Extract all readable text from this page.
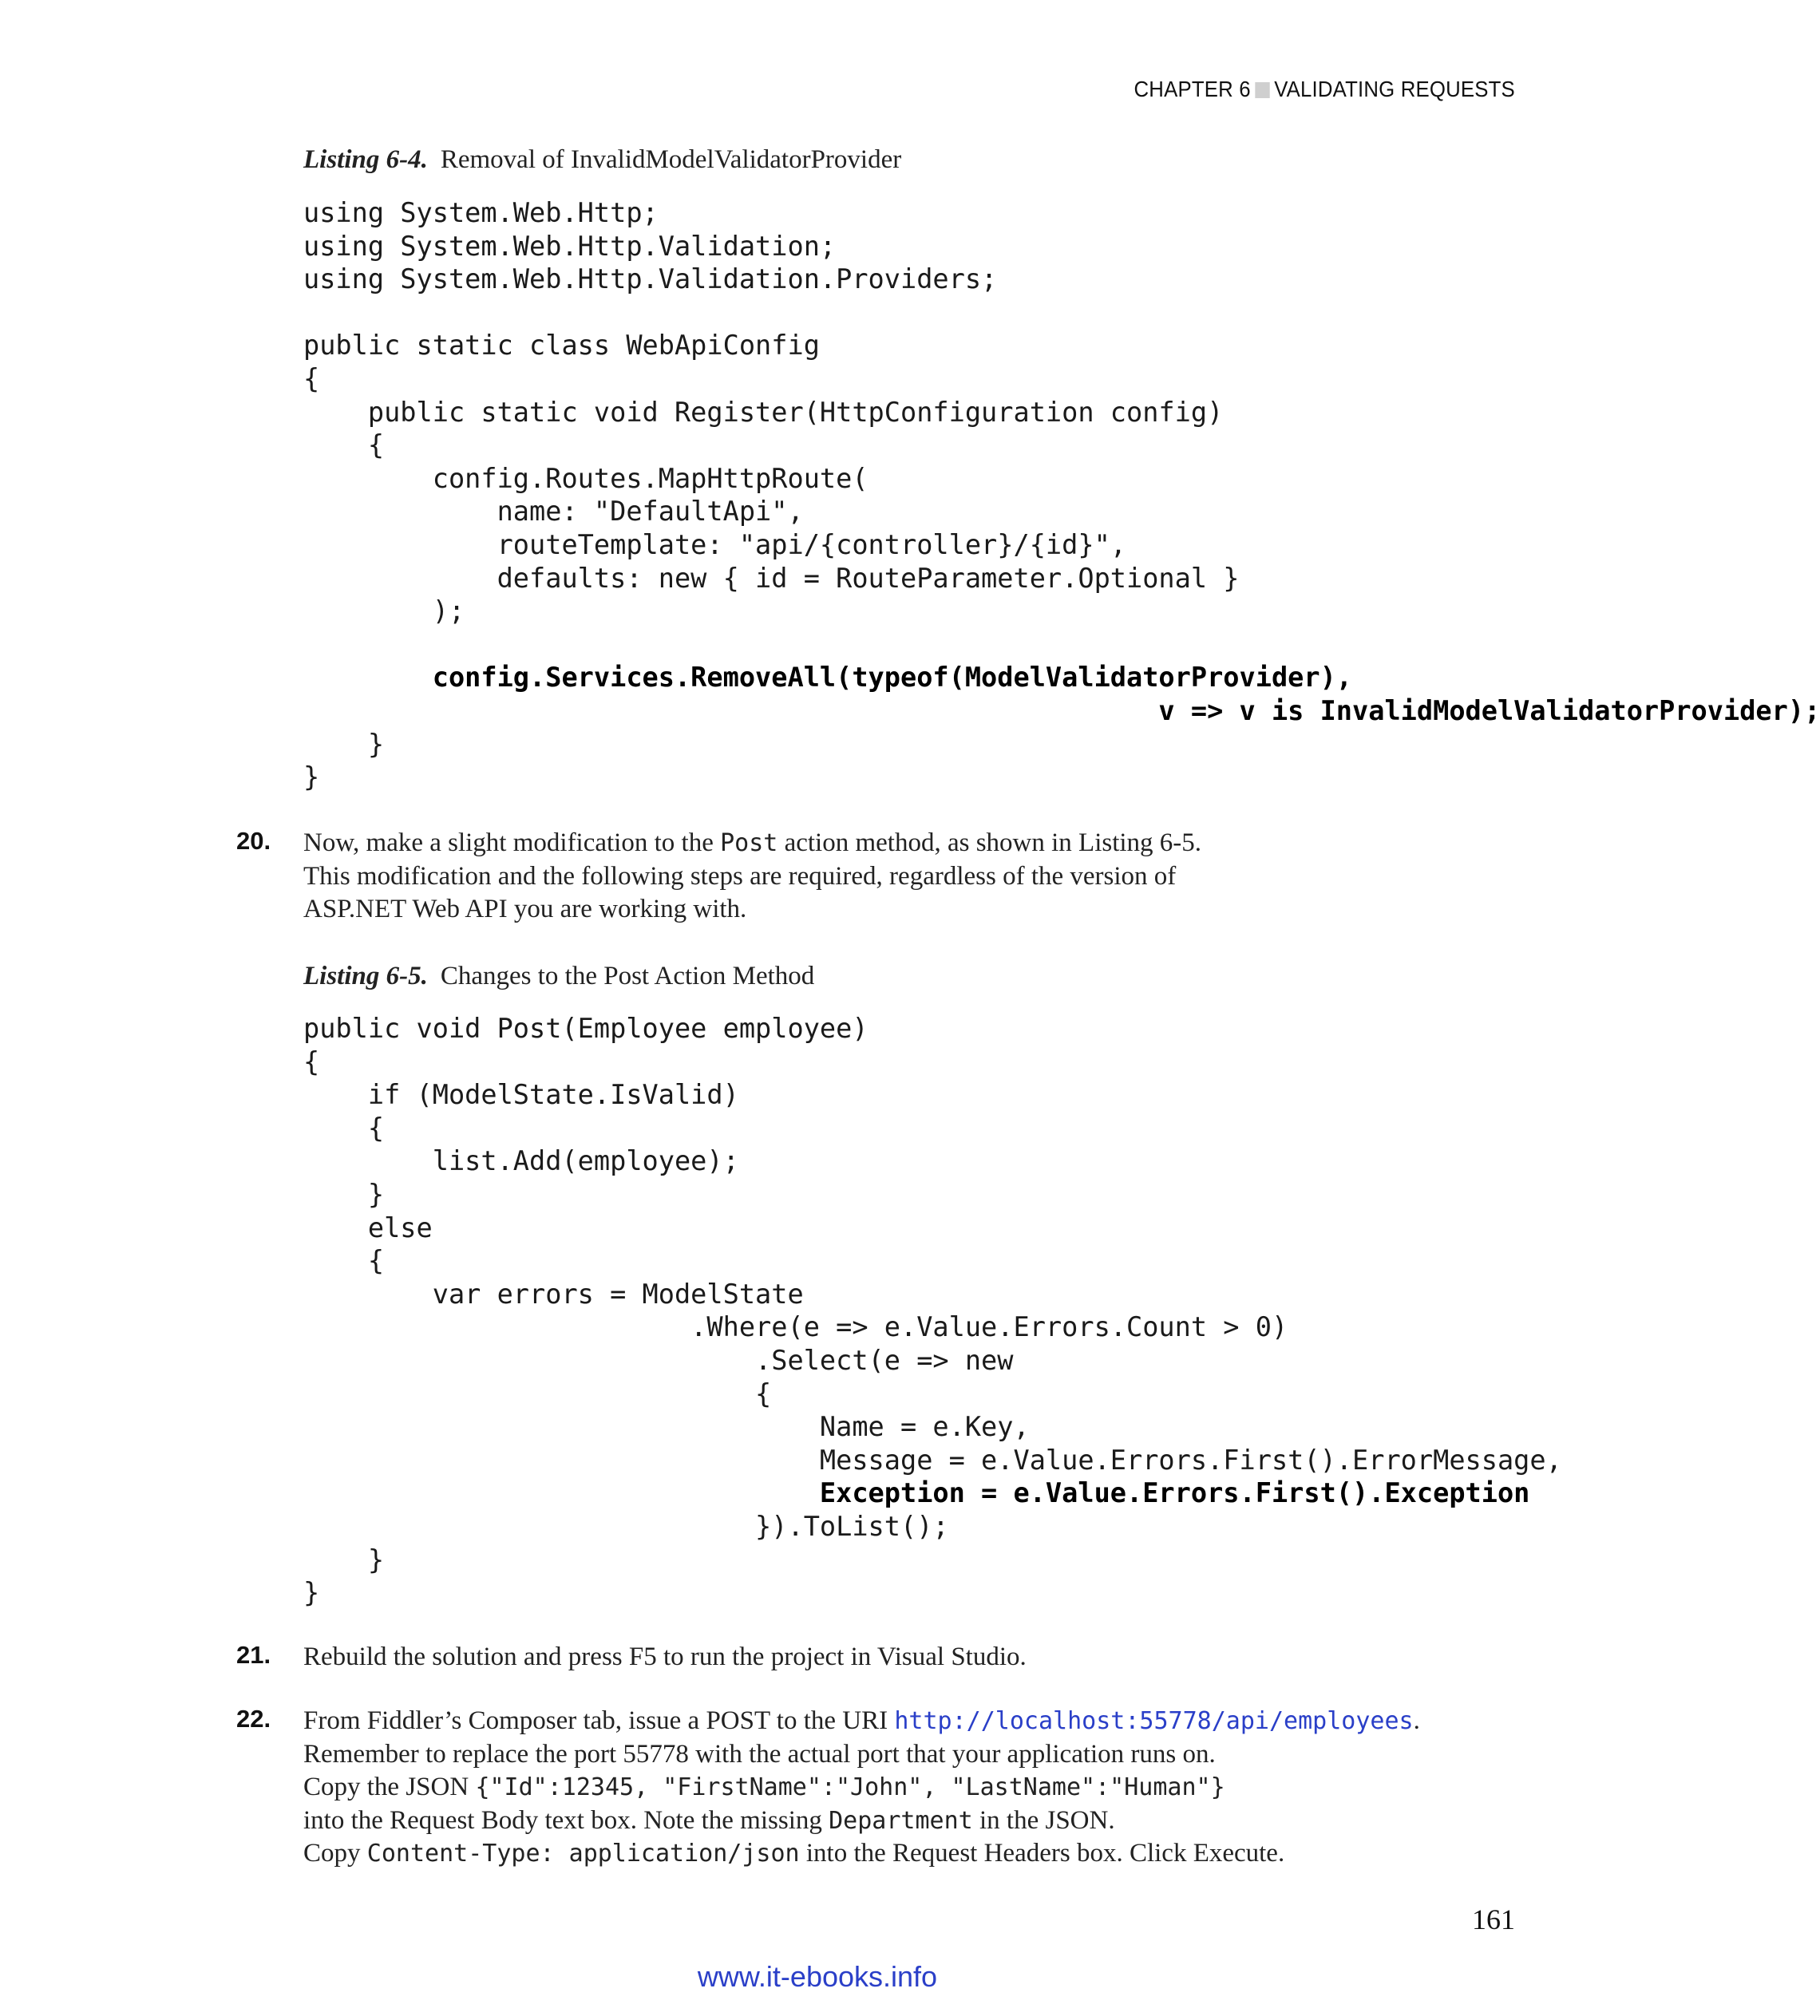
CHAPTER 6 VALIDATING REQUESTS
Listing 6-4. Removal of InvalidModelValidatorProvider
using System.Web.Http;
using System.Web.Http.Validation;
using System.Web.Http.Validation.Providers;

public static class WebApiConfig
{
public static void Register(HttpConfiguration config)
{
config.Routes.MapHttpRoute(
name: "DefaultApi",
routeTemplate: "api/{controller}/{id}",
defaults: new { id = RouteParameter.Optional }
);

config.Services.RemoveAll(typeof(ModelValidatorProvider),
v => v is InvalidModelValidatorProvider);
}
}
20. Now, make a slight modification to the Post action method, as shown in Listing 6-5.
This modification and the following steps are required, regardless of the version of
ASP.NET Web API you are working with.
Listing 6-5. Changes to the Post Action Method
public void Post(Employee employee)
{
if (ModelState.IsValid)
{
list.Add(employee);
}
else
{
var errors = ModelState
.Where(e => e.Value.Errors.Count > 0)
.Select(e => new
{
Name = e.Key,
Message = e.Value.Errors.First().ErrorMessage,
Exception = e.Value.Errors.First().Exception
}).ToList();
}
}
21. Rebuild the solution and press F5 to run the project in Visual Studio.
22. From Fiddler’s Composer tab, issue a POST to the URI http://localhost:55778/api/employees.
Remember to replace the port 55778 with the actual port that your application runs on.
Copy the JSON {"Id":12345, "FirstName":"John", "LastName":"Human"}
into the Request Body text box. Note the missing Department in the JSON.
Copy Content-Type: application/json into the Request Headers box. Click Execute.
161
www.it-ebooks.info
